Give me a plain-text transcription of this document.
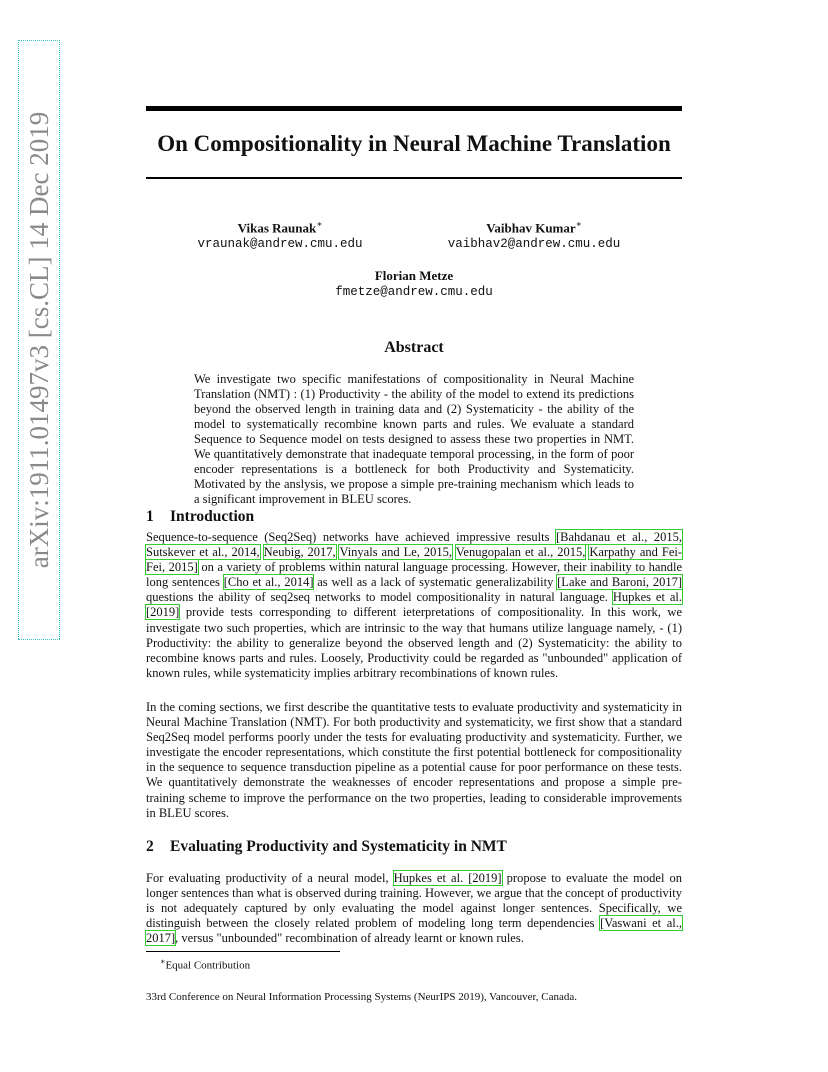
arXiv:1911.01497v3 [cs.CL] 14 Dec 2019	On Compositionality in Neural Machine Translation
Vikas Raunak∗
vraunak@andrew.cmu.edu
Vaibhav Kumar∗
vaibhav2@andrew.cmu.edu
Florian Metze
fmetze@andrew.cmu.edu
Abstract

We investigate two specific manifestations of compositionality in Neural Machine Translation (NMT) : (1) Productivity - the ability of the model to extend its predictions beyond the observed length in training data and (2) Systematicity - the ability of the model to systematically recombine known parts and rules. We evaluate a standard Sequence to Sequence model on tests designed to assess these two properties in NMT. We quantitatively demonstrate that inadequate temporal processing, in the form of poor encoder representations is a bottleneck for both Productivity and Systematicity. Motivated by the anslysis, we propose a simple pre-training mechanism which leads to a significant improvement in BLEU scores.

1 Introduction

Sequence-to-sequence (Seq2Seq) networks have achieved impressive results [Bahdanau et al., 2015, Sutskever et al., 2014, Neubig, 2017, Vinyals and Le, 2015, Venugopalan et al., 2015, Karpathy and Fei-Fei, 2015] on a variety of problems within natural language processing. However, their inability to handle long sentences [Cho et al., 2014] as well as a lack of systematic generalizability [Lake and Baroni, 2017] questions the ability of seq2seq networks to model compositionality in natural language. Hupkes et al. [2019] provide tests corresponding to different ieterpretations of compositionality. In this work, we investigate two such properties, which are intrinsic to the way that humans utilize language namely, - (1) Productivity: the ability to generalize beyond the observed length and (2) Systematicity: the ability to recombine knows parts and rules. Loosely, Productivity could be regarded as "unbounded" application of known rules, while systematicity implies arbitrary recombinations of known rules.

In the coming sections, we first describe the quantitative tests to evaluate productivity and systematicity in Neural Machine Translation (NMT). For both productivity and systematicity, we first show that a standard Seq2Seq model performs poorly under the tests for evaluating productivity and systematicity. Further, we investigate the encoder representations, which constitute the first potential bottleneck for compositionality in the sequence to sequence transduction pipeline as a potential cause for poor performance on these tests. We quantitatively demonstrate the weaknesses of encoder representations and propose a simple pre-training scheme to improve the performance on the two properties, leading to considerable improvements in BLEU scores.

2 Evaluating Productivity and Systematicity in NMT

For evaluating productivity of a neural model, Hupkes et al. [2019] propose to evaluate the model on longer sentences than what is observed during training. However, we argue that the concept of productivity is not adequately captured by only evaluating the model against longer sentences. Specifically, we distinguish between the closely related problem of modeling long term dependencies [Vaswani et al., 2017], versus "unbounded" recombination of already learnt or known rules.

∗Equal Contribution
33rd Conference on Neural Information Processing Systems (NeurIPS 2019), Vancouver, Canada.
